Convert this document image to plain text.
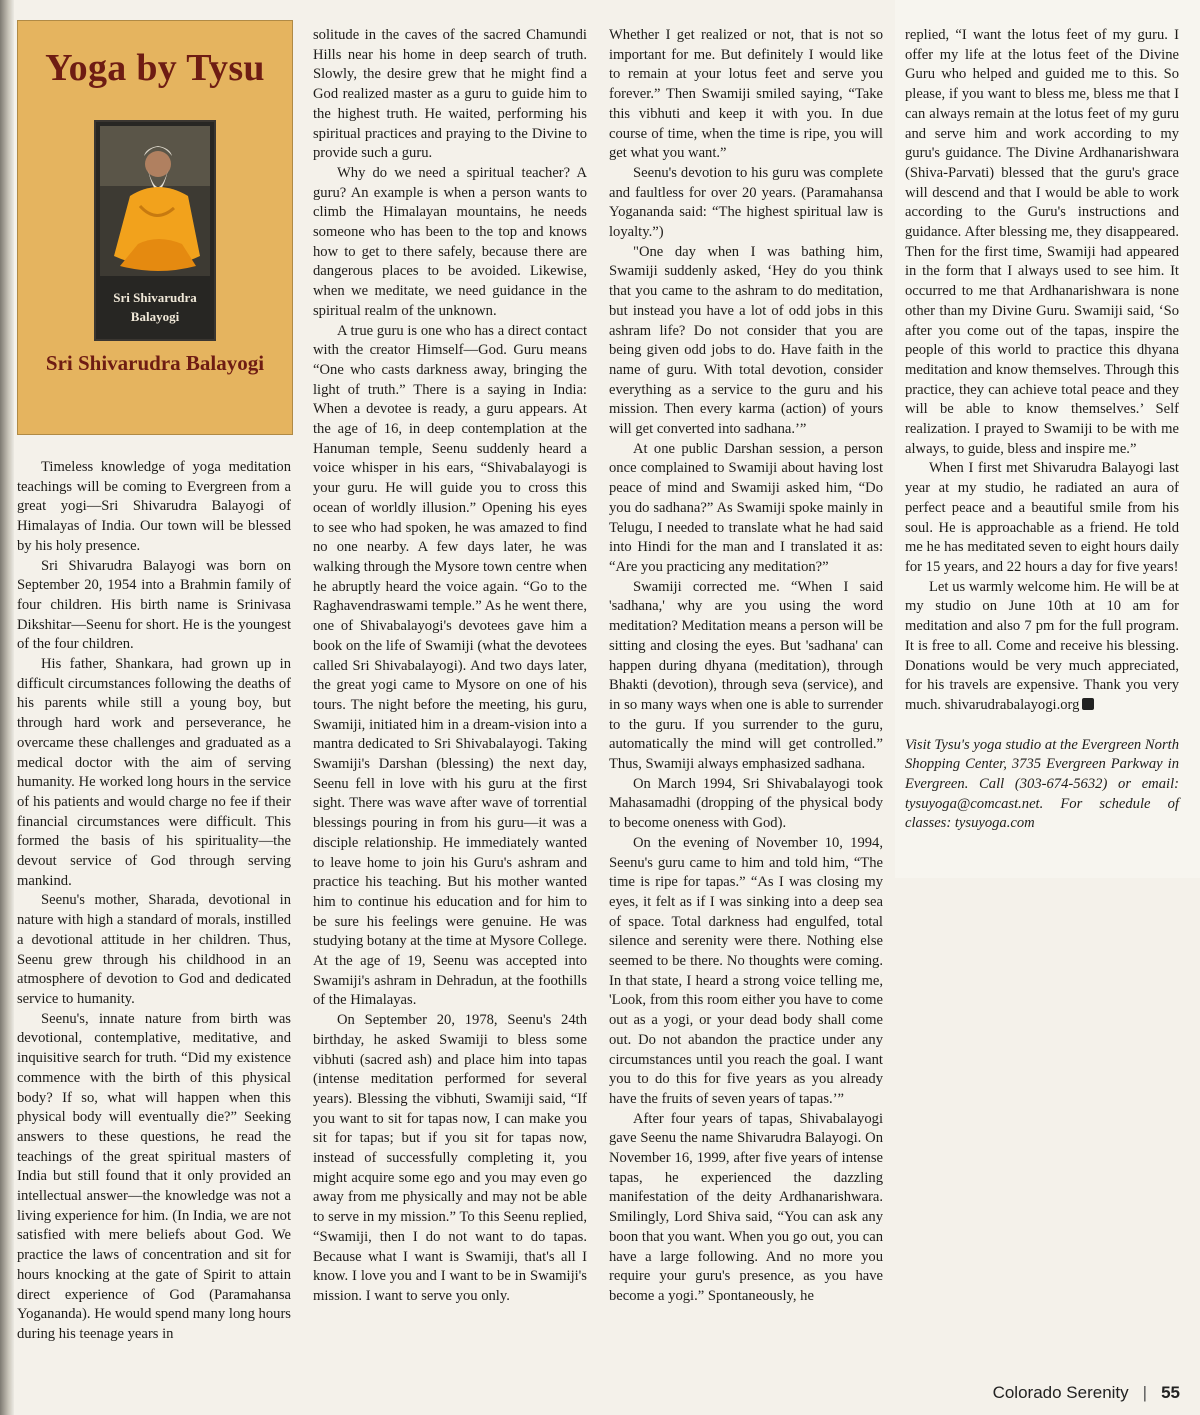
Yoga by Tysu
Sri Shivarudra
Balayogi
Sri Shivarudra Balayogi

Timeless knowledge of yoga meditation teachings will be coming to Evergreen from a great yogi—Sri Shivarudra Balayogi of Himalayas of India. Our town will be blessed by his holy presence.

Sri Shivarudra Balayogi was born on September 20, 1954 into a Brahmin family of four children. His birth name is Srinivasa Dikshitar—Seenu for short. He is the youngest of the four children.

His father, Shankara, had grown up in difficult circumstances following the deaths of his parents while still a young boy, but through hard work and perseverance, he overcame these challenges and graduated as a medical doctor with the aim of serving humanity. He worked long hours in the service of his patients and would charge no fee if their financial circumstances were difficult. This formed the basis of his spirituality—the devout service of God through serving mankind.

Seenu's mother, Sharada, devotional in nature with high a standard of morals, instilled a devotional attitude in her children. Thus, Seenu grew through his childhood in an atmosphere of devotion to God and dedicated service to humanity.

Seenu's, innate nature from birth was devotional, contemplative, meditative, and inquisitive search for truth. “Did my existence commence with the birth of this physical body? If so, what will happen when this physical body will eventually die?” Seeking answers to these questions, he read the teachings of the great spiritual masters of India but still found that it only provided an intellectual answer—the knowledge was not a living experience for him. (In India, we are not satisfied with mere beliefs about God. We practice the laws of concentration and sit for hours knocking at the gate of Spirit to attain direct experience of God (Paramahansa Yogananda). He would spend many long hours during his teenage years in

solitude in the caves of the sacred Chamundi Hills near his home in deep search of truth. Slowly, the desire grew that he might find a God realized master as a guru to guide him to the highest truth. He waited, performing his spiritual practices and praying to the Divine to provide such a guru.

Why do we need a spiritual teacher? A guru? An example is when a person wants to climb the Himalayan mountains, he needs someone who has been to the top and knows how to get to there safely, because there are dangerous places to be avoided. Likewise, when we meditate, we need guidance in the spiritual realm of the unknown.

A true guru is one who has a direct contact with the creator Himself—God. Guru means “One who casts darkness away, bringing the light of truth.” There is a saying in India: When a devotee is ready, a guru appears. At the age of 16, in deep contemplation at the Hanuman temple, Seenu suddenly heard a voice whisper in his ears, “Shivabalayogi is your guru. He will guide you to cross this ocean of worldly illusion.” Opening his eyes to see who had spoken, he was amazed to find no one nearby. A few days later, he was walking through the Mysore town centre when he abruptly heard the voice again. “Go to the Raghavendraswami temple.” As he went there, one of Shivabalayogi's devotees gave him a book on the life of Swamiji (what the devotees called Sri Shivabalayogi). And two days later, the great yogi came to Mysore on one of his tours. The night before the meeting, his guru, Swamiji, initiated him in a dream-vision into a mantra dedicated to Sri Shivabalayogi. Taking Swamiji's Darshan (blessing) the next day, Seenu fell in love with his guru at the first sight. There was wave after wave of torrential blessings pouring in from his guru—it was a disciple relationship. He immediately wanted to leave home to join his Guru's ashram and practice his teaching. But his mother wanted him to continue his education and for him to be sure his feelings were genuine. He was studying botany at the time at Mysore College. At the age of 19, Seenu was accepted into Swamiji's ashram in Dehradun, at the foothills of the Himalayas.

On September 20, 1978, Seenu's 24th birthday, he asked Swamiji to bless some vibhuti (sacred ash) and place him into tapas (intense meditation performed for several years). Blessing the vibhuti, Swamiji said, “If you want to sit for tapas now, I can make you sit for tapas; but if you sit for tapas now, instead of successfully completing it, you might acquire some ego and you may even go away from me physically and may not be able to serve in my mission.” To this Seenu replied, “Swamiji, then I do not want to do tapas. Because what I want is Swamiji, that's all I know. I love you and I want to be in Swamiji's mission. I want to serve you only.

Whether I get realized or not, that is not so important for me. But definitely I would like to remain at your lotus feet and serve you forever.” Then Swamiji smiled saying, “Take this vibhuti and keep it with you. In due course of time, when the time is ripe, you will get what you want.”

Seenu's devotion to his guru was complete and faultless for over 20 years. (Paramahansa Yogananda said: “The highest spiritual law is loyalty.”)

"One day when I was bathing him, Swamiji suddenly asked, ‘Hey do you think that you came to the ashram to do meditation, but instead you have a lot of odd jobs in this ashram life? Do not consider that you are being given odd jobs to do. Have faith in the name of guru. With total devotion, consider everything as a service to the guru and his mission. Then every karma (action) of yours will get converted into sadhana.’”

At one public Darshan session, a person once complained to Swamiji about having lost peace of mind and Swamiji asked him, “Do you do sadhana?” As Swamiji spoke mainly in Telugu, I needed to translate what he had said into Hindi for the man and I translated it as: “Are you practicing any meditation?”

Swamiji corrected me. “When I said 'sadhana,' why are you using the word meditation? Meditation means a person will be sitting and closing the eyes. But 'sadhana' can happen during dhyana (meditation), through Bhakti (devotion), through seva (service), and in so many ways when one is able to surrender to the guru. If you surrender to the guru, automatically the mind will get controlled.” Thus, Swamiji always emphasized sadhana.

On March 1994, Sri Shivabalayogi took Mahasamadhi (dropping of the physical body to become oneness with God).

On the evening of November 10, 1994, Seenu's guru came to him and told him, “The time is ripe for tapas.” “As I was closing my eyes, it felt as if I was sinking into a deep sea of space. Total darkness had engulfed, total silence and serenity were there. Nothing else seemed to be there. No thoughts were coming. In that state, I heard a strong voice telling me, 'Look, from this room either you have to come out as a yogi, or your dead body shall come out. Do not abandon the practice under any circumstances until you reach the goal. I want you to do this for five years as you already have the fruits of seven years of tapas.’”

After four years of tapas, Shivabalayogi gave Seenu the name Shivarudra Balayogi. On November 16, 1999, after five years of intense tapas, he experienced the dazzling manifestation of the deity Ardhanarishwara. Smilingly, Lord Shiva said, “You can ask any boon that you want. When you go out, you can have a large following. And no more you require your guru's presence, as you have become a yogi.” Spontaneously, he

replied, “I want the lotus feet of my guru. I offer my life at the lotus feet of the Divine Guru who helped and guided me to this. So please, if you want to bless me, bless me that I can always remain at the lotus feet of my guru and serve him and work according to my guru's guidance. The Divine Ardhanarishwara (Shiva-Parvati) blessed that the guru's grace will descend and that I would be able to work according to the Guru's instructions and guidance. After blessing me, they disappeared. Then for the first time, Swamiji had appeared in the form that I always used to see him. It occurred to me that Ardhanarishwara is none other than my Divine Guru. Swamiji said, ‘So after you come out of the tapas, inspire the people of this world to practice this dhyana meditation and know themselves. Through this practice, they can achieve total peace and they will be able to know themselves.’ Self realization. I prayed to Swamiji to be with me always, to guide, bless and inspire me.”

When I first met Shivarudra Balayogi last year at my studio, he radiated an aura of perfect peace and a beautiful smile from his soul. He is approachable as a friend. He told me he has meditated seven to eight hours daily for 15 years, and 22 hours a day for five years!

Let us warmly welcome him. He will be at my studio on June 10th at 10 am for meditation and also 7 pm for the full program. It is free to all. Come and receive his blessing. Donations would be very much appreciated, for his travels are expensive. Thank you very much. shivarudrabalayogi.org

Visit Tysu's yoga studio at the Evergreen North Shopping Center, 3735 Evergreen Parkway in Evergreen. Call (303-674-5632) or email: tysuyoga@comcast.net. For schedule of classes: tysuyoga.com

Colorado Serenity | 55
